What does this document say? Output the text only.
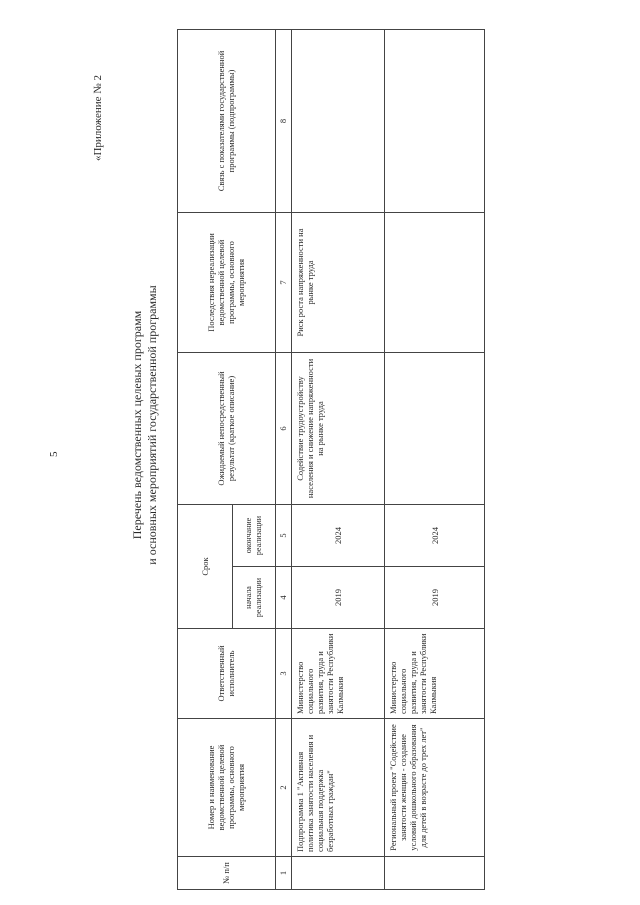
5
«Приложение № 2
Перечень ведомственных целевых программ и основных мероприятий государственной программы
№ п/п	Номер и наименование ведомственной целевой программы, основного мероприятия	Ответственный исполнитель	Срок		Ожидаемый непосредственный результат (краткое описание)	Последствия нереализации ведомственной целевой программы, основного мероприятия	Связь с показателями государственной программы (подпрограммы)
			начала реализации	окончание реализации			
1	2	3	4	5	6	7	8
	Подпрограмма 1 "Активная политика занятости населения и социальная поддержка безработных граждан"	Министерство социального развития, труда и занятости Республики Калмыкия	2019	2024	Содействие трудоустройству населения и снижение напряженности на рынке труда	Риск роста напряженности на рынке труда	
	Региональный проект "Содействие занятости женщин - создание условий дошкольного образования для детей в возрасте до трех лет"	Министерство социального развития, труда и занятости Республики Калмыкия	2019	2024			
